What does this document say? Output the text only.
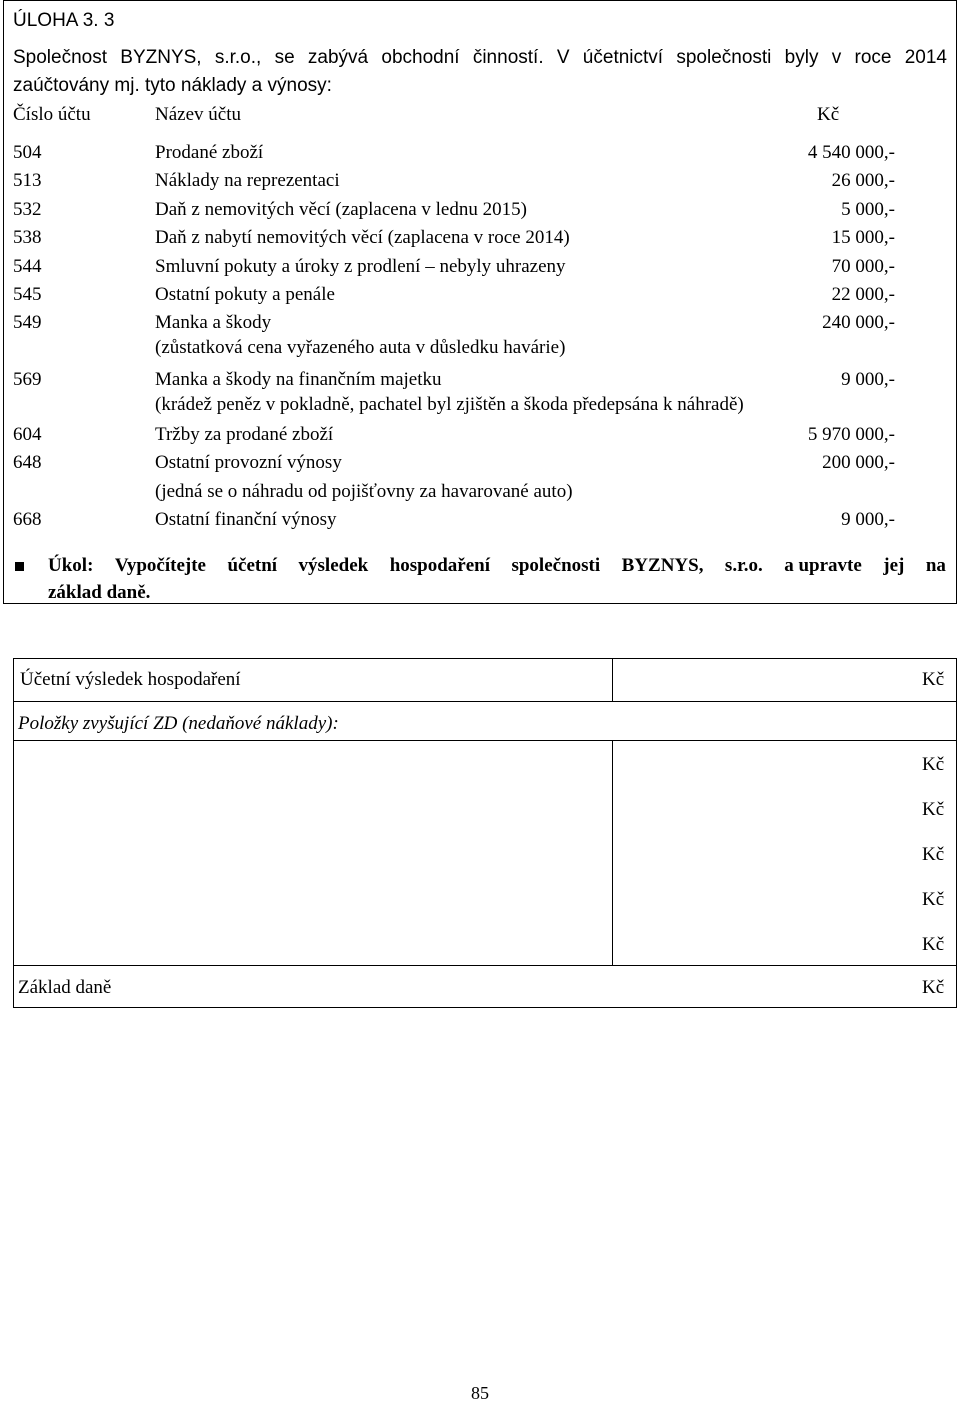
ÚLOHA 3. 3
Společnost BYZNYS, s.r.o., se zabývá obchodní činností. V účetnictví společnosti byly v roce 2014
zaúčtovány mj. tyto náklady a výnosy:
Číslo účtu	Název účtu	Kč
504	Prodané zboží	4 540 000,-
513	Náklady na reprezentaci	26 000,-
532	Daň z nemovitých věcí (zaplacena v lednu 2015)	5 000,-
538	Daň z nabytí nemovitých věcí (zaplacena v roce 2014)	15 000,-
544	Smluvní pokuty a úroky z prodlení – nebyly uhrazeny	70 000,-
545	Ostatní pokuty a penále	22 000,-
549	Manka a škody	240 000,-
(zůstatková cena vyřazeného auta v důsledku havárie)
569	Manka a škody na finančním majetku	9 000,-
(krádež peněz v pokladně, pachatel byl zjištěn a škoda předepsána k náhradě)
604	Tržby za prodané zboží	5 970 000,-
648	Ostatní provozní výnosy	200 000,-
(jedná se o náhradu od pojišťovny za havarované auto)
668	Ostatní finanční výnosy	9 000,-
Úkol: Vypočítejte účetní výsledek hospodaření společnosti BYZNYS, s.r.o. a upravte jej na
základ daně.
Účetní výsledek hospodaření	Kč
Položky zvyšující ZD (nedaňové náklady):
Kč
Kč
Kč
Kč
Kč
Základ daně	Kč
85
